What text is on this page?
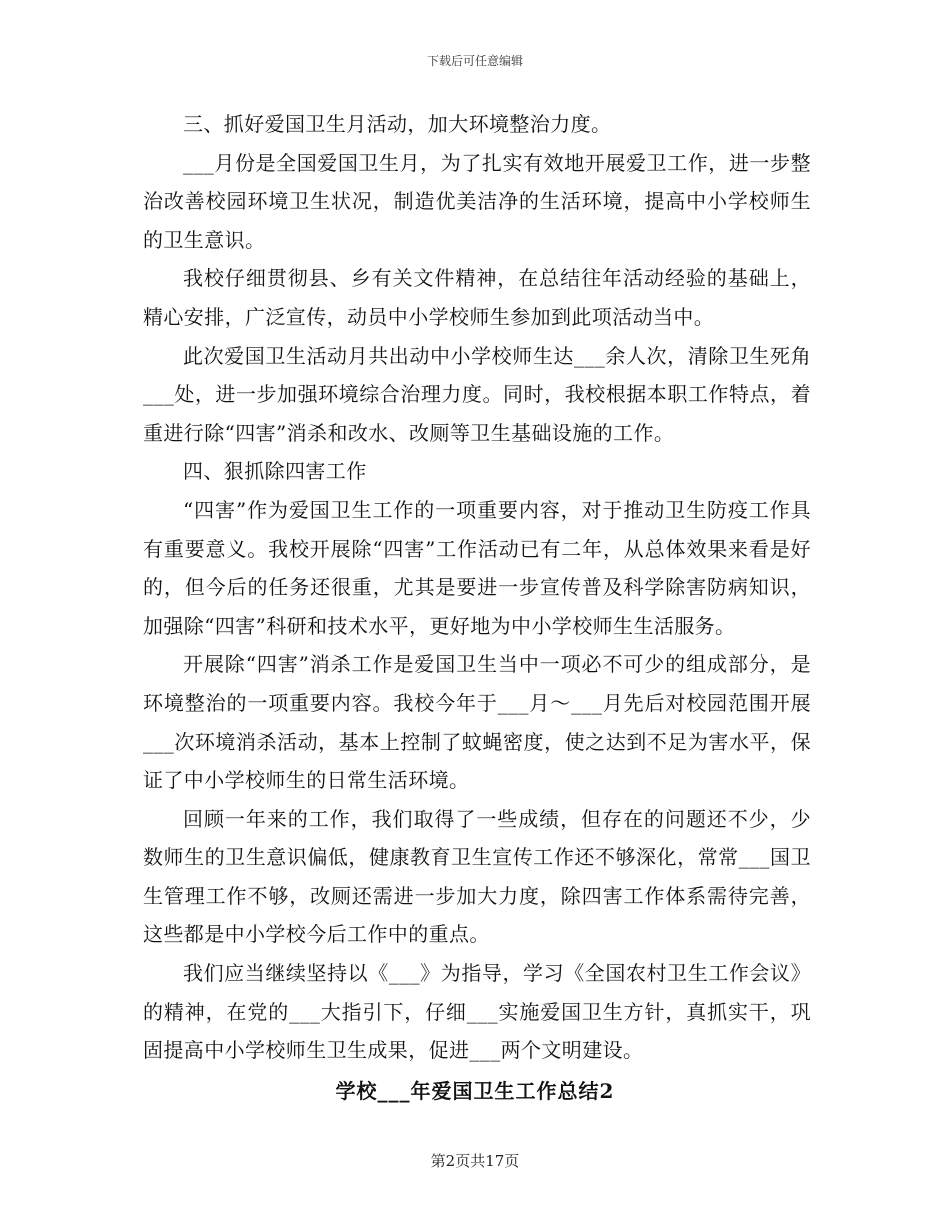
下载后可任意编辑

三、抓好爱国卫生月活动，加大环境整治力度。

___月份是全国爱国卫生月，为了扎实有效地开展爱卫工作，进一步整治改善校园环境卫生状况，制造优美洁净的生活环境，提高中小学校师生的卫生意识。

我校仔细贯彻县、乡有关文件精神，在总结往年活动经验的基础上，精心安排，广泛宣传，动员中小学校师生参加到此项活动当中。

此次爱国卫生活动月共出动中小学校师生达___余人次，清除卫生死角___处，进一步加强环境综合治理力度。同时，我校根据本职工作特点，着重进行除“四害”消杀和改水、改厕等卫生基础设施的工作。

四、狠抓除四害工作

“四害”作为爱国卫生工作的一项重要内容，对于推动卫生防疫工作具有重要意义。我校开展除“四害”工作活动已有二年，从总体效果来看是好的，但今后的任务还很重，尤其是要进一步宣传普及科学除害防病知识，加强除“四害”科研和技术水平，更好地为中小学校师生生活服务。

开展除“四害”消杀工作是爱国卫生当中一项必不可少的组成部分，是环境整治的一项重要内容。我校今年于___月～___月先后对校园范围开展___次环境消杀活动，基本上控制了蚊蝇密度，使之达到不足为害水平，保证了中小学校师生的日常生活环境。

回顾一年来的工作，我们取得了一些成绩，但存在的问题还不少，少数师生的卫生意识偏低，健康教育卫生宣传工作还不够深化，常常___国卫生管理工作不够，改厕还需进一步加大力度，除四害工作体系需待完善，这些都是中小学校今后工作中的重点。

我们应当继续坚持以《___》为指导，学习《全国农村卫生工作会议》的精神，在党的___大指引下，仔细___实施爱国卫生方针，真抓实干，巩固提高中小学校师生卫生成果，促进___两个文明建设。

学校___年爱国卫生工作总结2
第2页共17页
